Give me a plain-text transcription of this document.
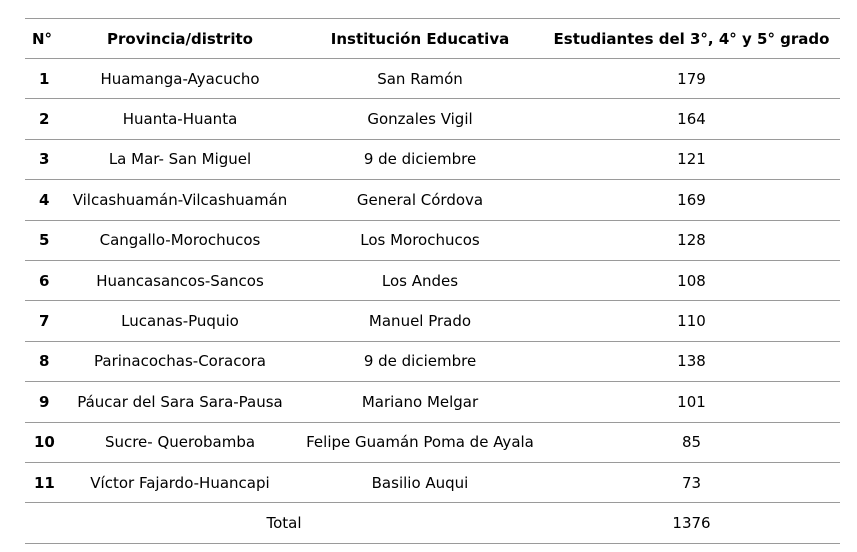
N°	Provincia/distrito	Institución Educativa	Estudiantes del 3°, 4° y 5° grado
1	Huamanga-Ayacucho	San Ramón	179
2	Huanta-Huanta	Gonzales Vigil	164
3	La Mar- San Miguel	9 de diciembre	121
4	Vilcashuamán-Vilcashuamán	General Córdova	169
5	Cangallo-Morochucos	Los Morochucos	128
6	Huancasancos-Sancos	Los Andes	108
7	Lucanas-Puquio	Manuel Prado	110
8	Parinacochas-Coracora	9 de diciembre	138
9	Páucar del Sara Sara-Pausa	Mariano Melgar	101
10	Sucre- Querobamba	Felipe Guamán Poma de Ayala	85
11	Víctor Fajardo-Huancapi	Basilio Auqui	73
Total			1376
